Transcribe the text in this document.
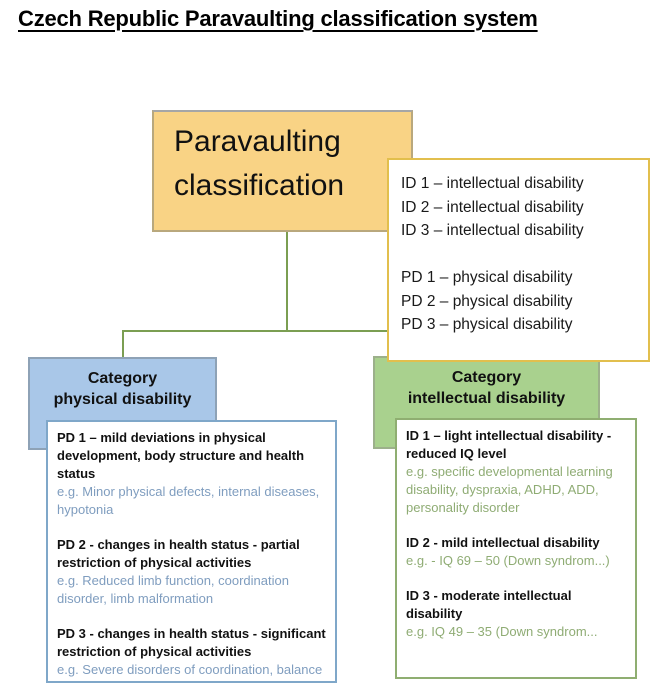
Czech Republic Paravaulting classification system
Paravaulting classification	ID 1 – intellectual disability
ID 2 – intellectual disability
ID 3 – intellectual disability
PD 1 – physical disability
PD 2 – physical disability
PD 3 – physical disability
Category
physical disability
Category
intellectual disability
PD 1 – mild deviations in physical development, body structure and health status
e.g. Minor physical defects, internal diseases, hypotonia
PD 2 - changes in health status - partial restriction of physical activities
e.g. Reduced limb function, coordination disorder, limb malformation
PD 3 - changes in health status - significant restriction of physical activities
e.g. Severe disorders of coordination, balance
ID 1 – light intellectual disability - reduced IQ level
e.g. specific developmental learning disability, dyspraxia, ADHD, ADD, personality disorder
ID 2 - mild intellectual disability
e.g. - IQ 69 – 50 (Down syndrom...)
ID 3 - moderate intellectual disability
e.g. IQ 49 – 35 (Down syndrom...
